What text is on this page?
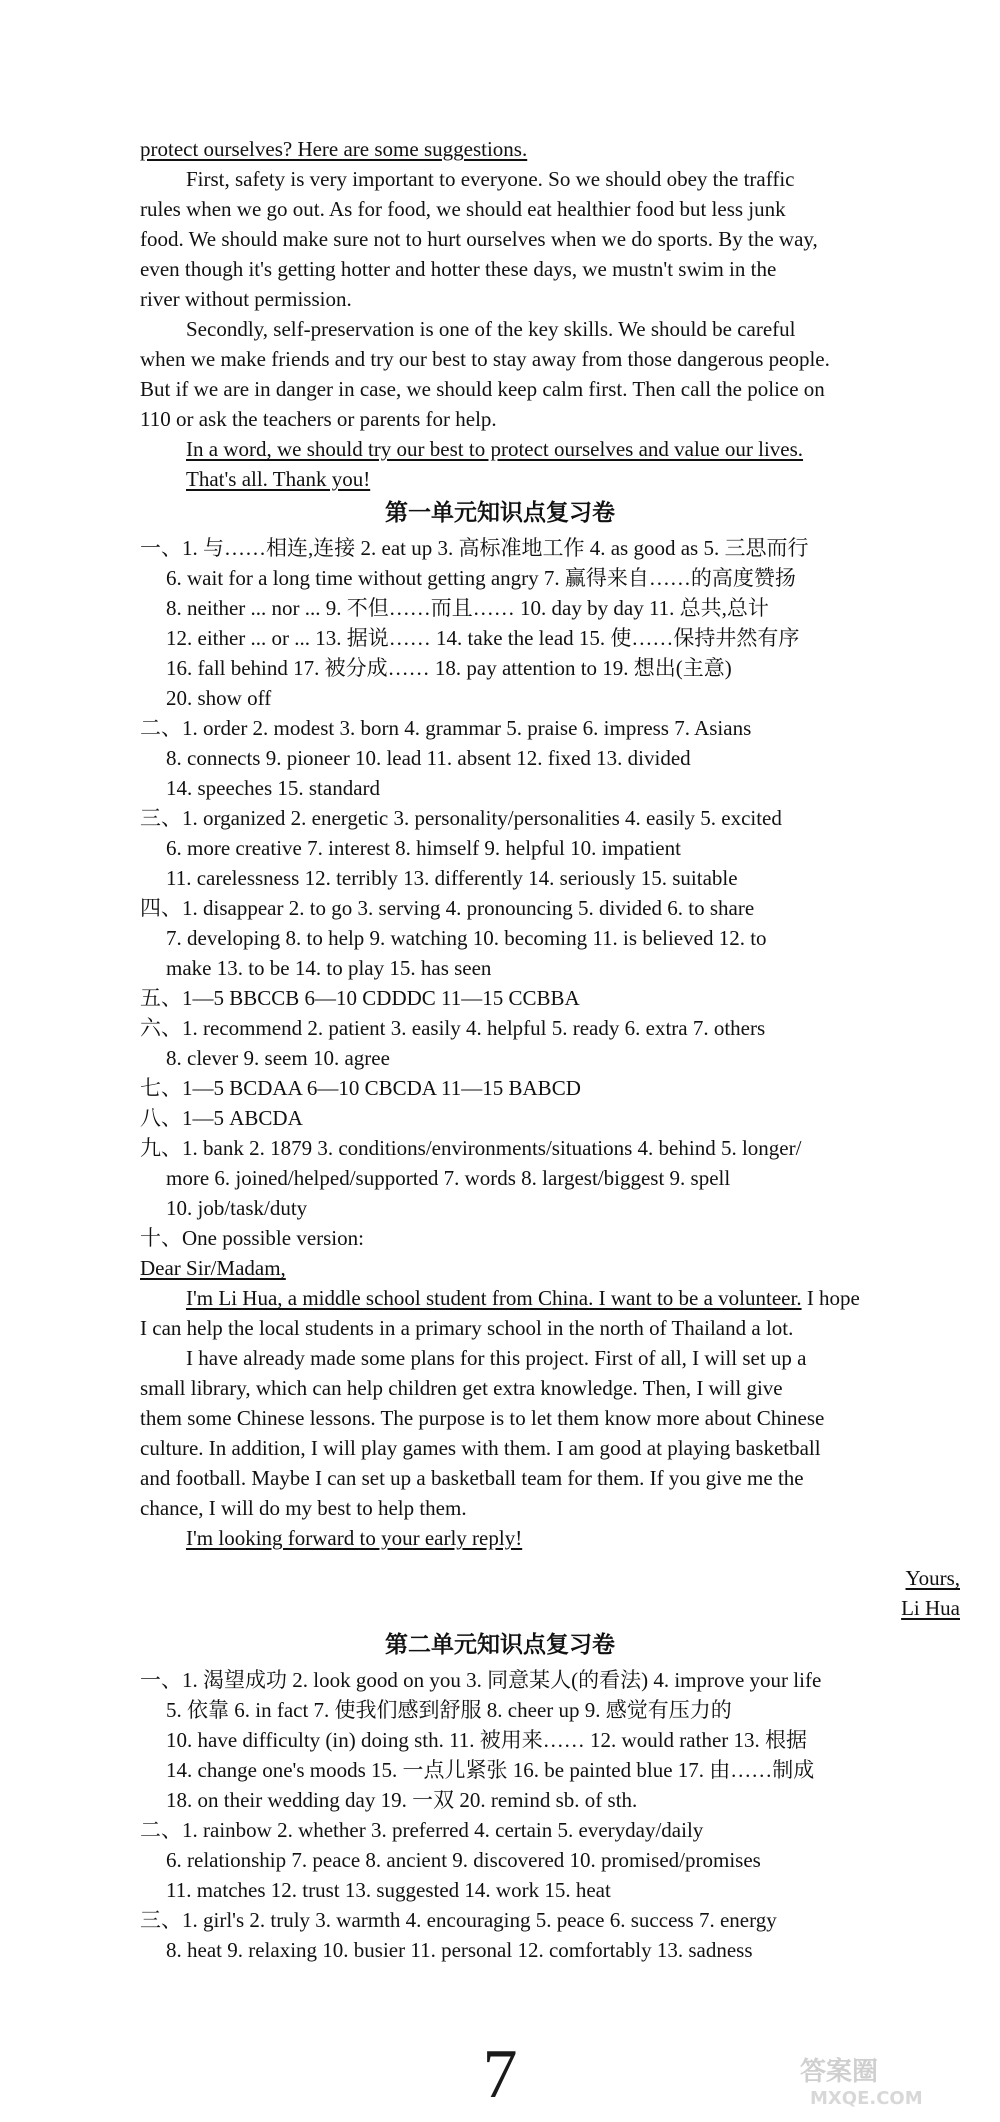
protect ourselves? Here are some suggestions.
First, safety is very important to everyone. So we should obey the traffic
rules when we go out. As for food, we should eat healthier food but less junk
food. We should make sure not to hurt ourselves when we do sports. By the way,
even though it's getting hotter and hotter these days, we mustn't swim in the
river without permission.
Secondly, self-preservation is one of the key skills. We should be careful
when we make friends and try our best to stay away from those dangerous people.
But if we are in danger in case, we should keep calm first. Then call the police on
110 or ask the teachers or parents for help.
In a word, we should try our best to protect ourselves and value our lives.
That's all. Thank you!
第一单元知识点复习卷
一、1. 与……相连,连接 2. eat up 3. 高标准地工作 4. as good as 5. 三思而行
6. wait for a long time without getting angry 7. 赢得来自……的高度赞扬
8. neither ... nor ... 9. 不但……而且…… 10. day by day 11. 总共,总计
12. either ... or ... 13. 据说…… 14. take the lead 15. 使……保持井然有序
16. fall behind 17. 被分成…… 18. pay attention to 19. 想出(主意)
20. show off
二、1. order 2. modest 3. born 4. grammar 5. praise 6. impress 7. Asians
8. connects 9. pioneer 10. lead 11. absent 12. fixed 13. divided
14. speeches 15. standard
三、1. organized 2. energetic 3. personality/personalities 4. easily 5. excited
6. more creative 7. interest 8. himself 9. helpful 10. impatient
11. carelessness 12. terribly 13. differently 14. seriously 15. suitable
四、1. disappear 2. to go 3. serving 4. pronouncing 5. divided 6. to share
7. developing 8. to help 9. watching 10. becoming 11. is believed 12. to
make 13. to be 14. to play 15. has seen
五、1—5 BBCCB 6—10 CDDDC 11—15 CCBBA
六、1. recommend 2. patient 3. easily 4. helpful 5. ready 6. extra 7. others
8. clever 9. seem 10. agree
七、1—5 BCDAA 6—10 CBCDA 11—15 BABCD
八、1—5 ABCDA
九、1. bank 2. 1879 3. conditions/environments/situations 4. behind 5. longer/
more 6. joined/helped/supported 7. words 8. largest/biggest 9. spell
10. job/task/duty
十、One possible version:
Dear Sir/Madam,
I'm Li Hua, a middle school student from China. I want to be a volunteer. I hope
I can help the local students in a primary school in the north of Thailand a lot.
I have already made some plans for this project. First of all, I will set up a
small library, which can help children get extra knowledge. Then, I will give
them some Chinese lessons. The purpose is to let them know more about Chinese
culture. In addition, I will play games with them. I am good at playing basketball
and football. Maybe I can set up a basketball team for them. If you give me the
chance, I will do my best to help them.
I'm looking forward to your early reply!
Yours,
Li Hua
第二单元知识点复习卷
一、1. 渴望成功 2. look good on you 3. 同意某人(的看法) 4. improve your life
5. 依靠 6. in fact 7. 使我们感到舒服 8. cheer up 9. 感觉有压力的
10. have difficulty (in) doing sth. 11. 被用来…… 12. would rather 13. 根据
14. change one's moods 15. 一点儿紧张 16. be painted blue 17. 由……制成
18. on their wedding day 19. 一双 20. remind sb. of sth.
二、1. rainbow 2. whether 3. preferred 4. certain 5. everyday/daily
6. relationship 7. peace 8. ancient 9. discovered 10. promised/promises
11. matches 12. trust 13. suggested 14. work 15. heat
三、1. girl's 2. truly 3. warmth 4. encouraging 5. peace 6. success 7. energy
8. heat 9. relaxing 10. busier 11. personal 12. comfortably 13. sadness
7	答案圈
MXQE.COM
